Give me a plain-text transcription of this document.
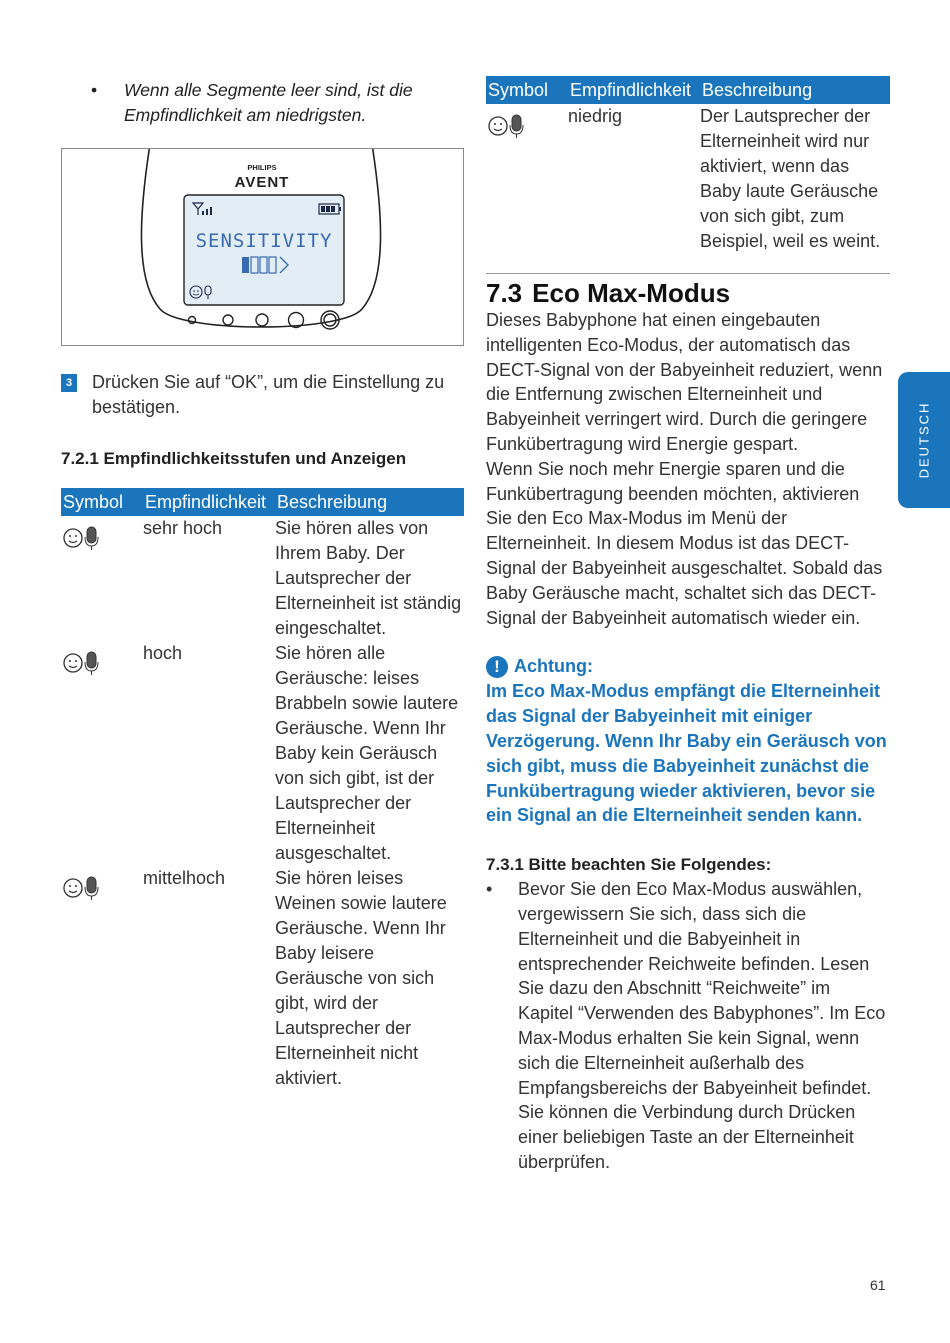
• Wenn alle Segmente leer sind, ist die Empfindlichkeit am niedrigsten.
PHILIPS
AVENT
SENSITIVITY
3 Drücken Sie auf “OK”, um die Einstellung zu bestätigen.
7.2.1 Empfindlichkeitsstufen und Anzeigen
Symbol	Empfindlichkeit	Beschreibung

	sehr hoch	Sie hören alles von Ihrem Baby. Der Lautsprecher der Elterneinheit ist ständig eingeschaltet.

	hoch	Sie hören alle Geräusche: leises Brabbeln sowie lautere Geräusche. Wenn Ihr Baby kein Geräusch von sich gibt, ist der Lautsprecher der Elterneinheit ausgeschaltet.

	mittelhoch	Sie hören leises Weinen sowie lautere Geräusche. Wenn Ihr Baby leisere Geräusche von sich gibt, wird der Lautsprecher der Elterneinheit nicht aktiviert.
Symbol	Empfindlichkeit	Beschreibung

	niedrig	Der Lautsprecher der Elterneinheit wird nur aktiviert, wenn das Baby laute Geräusche von sich gibt, zum Beispiel, weil es weint.
7.3 Eco Max-Modus
Dieses Babyphone hat einen eingebauten intelligenten Eco-Modus, der automatisch das DECT-Signal von der Babyeinheit reduziert, wenn die Entfernung zwischen Elterneinheit und Babyeinheit verringert wird. Durch die geringere Funkübertragung wird Energie gespart.
Wenn Sie noch mehr Energie sparen und die Funkübertragung beenden möchten, aktivieren Sie den Eco Max-Modus im Menü der Elterneinheit. In diesem Modus ist das DECT-Signal der Babyeinheit ausgeschaltet. Sobald das Baby Geräusche macht, schaltet sich das DECT-Signal der Babyeinheit automatisch wieder ein.
! Achtung:
Im Eco Max-Modus empfängt die Elterneinheit das Signal der Babyeinheit mit einiger Verzögerung. Wenn Ihr Baby ein Geräusch von sich gibt, muss die Babyeinheit zunächst die Funkübertragung wieder aktivieren, bevor sie ein Signal an die Elterneinheit senden kann.
7.3.1 Bitte beachten Sie Folgendes:
• Bevor Sie den Eco Max-Modus auswählen, vergewissern Sie sich, dass sich die Elterneinheit und die Babyeinheit in entsprechender Reichweite befinden. Lesen Sie dazu den Abschnitt “Reichweite” im Kapitel “Verwenden des Babyphones”. Im Eco Max-Modus erhalten Sie kein Signal, wenn sich die Elterneinheit außerhalb des Empfangsbereichs der Babyeinheit befindet. Sie können die Verbindung durch Drücken einer beliebigen Taste an der Elterneinheit überprüfen.
DEUTSCH
61
